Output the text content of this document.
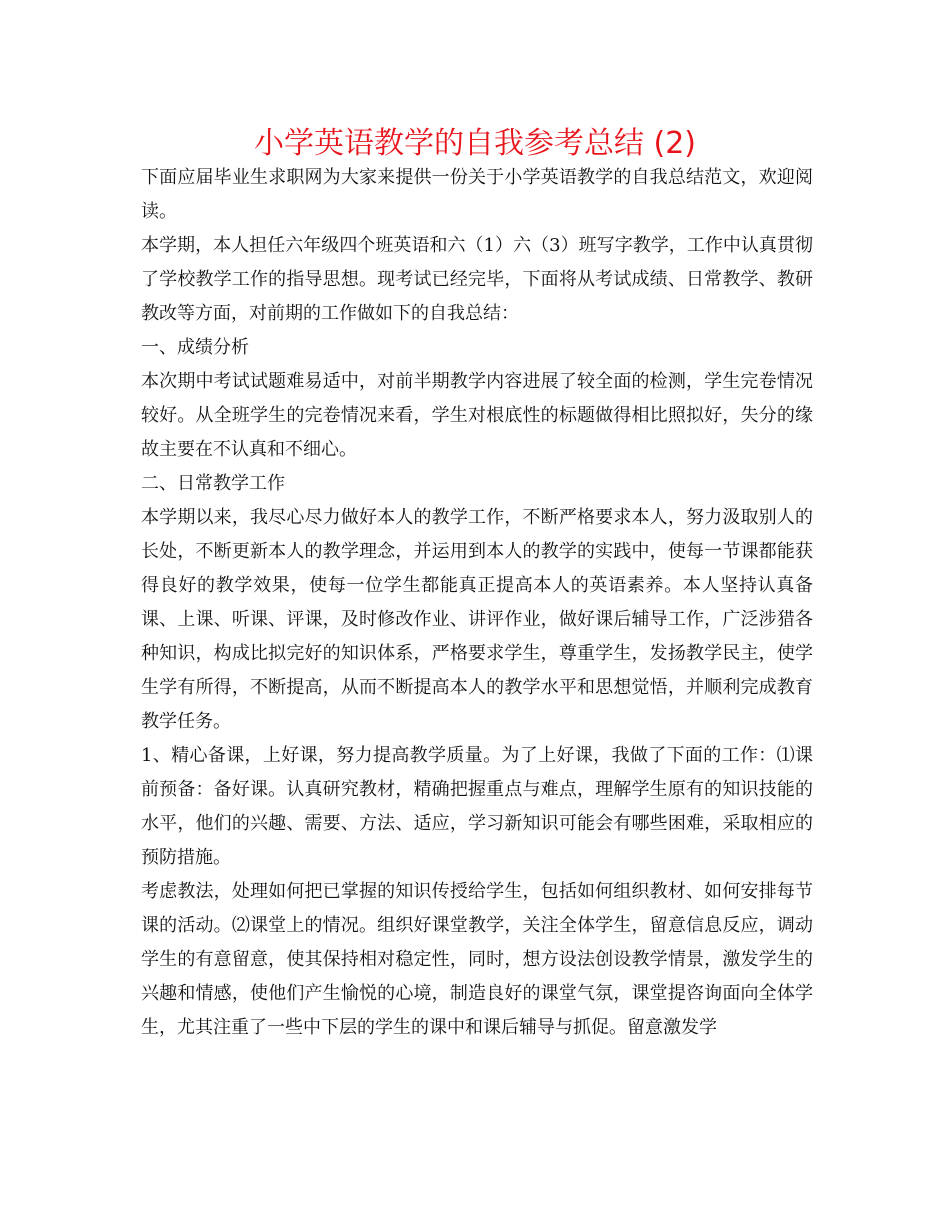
小学英语教学的自我参考总结 (2)

下面应届毕业生求职网为大家来提供一份关于小学英语教学的自我总结范文，欢迎阅读。

本学期，本人担任六年级四个班英语和六（1）六（3）班写字教学，工作中认真贯彻了学校教学工作的指导思想。现考试已经完毕，下面将从考试成绩、日常教学、教研教改等方面，对前期的工作做如下的自我总结：

一、成绩分析

本次期中考试试题难易适中，对前半期教学内容进展了较全面的检测，学生完卷情况较好。从全班学生的完卷情况来看，学生对根底性的标题做得相比照拟好，失分的缘故主要在不认真和不细心。

二、日常教学工作

本学期以来，我尽心尽力做好本人的教学工作，不断严格要求本人，努力汲取别人的长处，不断更新本人的教学理念，并运用到本人的教学的实践中，使每一节课都能获得良好的教学效果，使每一位学生都能真正提高本人的英语素养。本人坚持认真备课、上课、听课、评课，及时修改作业、讲评作业，做好课后辅导工作，广泛涉猎各种知识，构成比拟完好的知识体系，严格要求学生，尊重学生，发扬教学民主，使学生学有所得，不断提高，从而不断提高本人的教学水平和思想觉悟，并顺利完成教育教学任务。

1、精心备课，上好课，努力提高教学质量。为了上好课，我做了下面的工作：⑴课前预备：备好课。认真研究教材，精确把握重点与难点，理解学生原有的知识技能的水平，他们的兴趣、需要、方法、适应，学习新知识可能会有哪些困难，采取相应的预防措施。

考虑教法，处理如何把已掌握的知识传授给学生，包括如何组织教材、如何安排每节课的活动。⑵课堂上的情况。组织好课堂教学，关注全体学生，留意信息反应，调动学生的有意留意，使其保持相对稳定性，同时，想方设法创设教学情景，激发学生的兴趣和情感，使他们产生愉悦的心境，制造良好的课堂气氛，课堂提咨询面向全体学生，尤其注重了一些中下层的学生的课中和课后辅导与抓促。留意激发学
